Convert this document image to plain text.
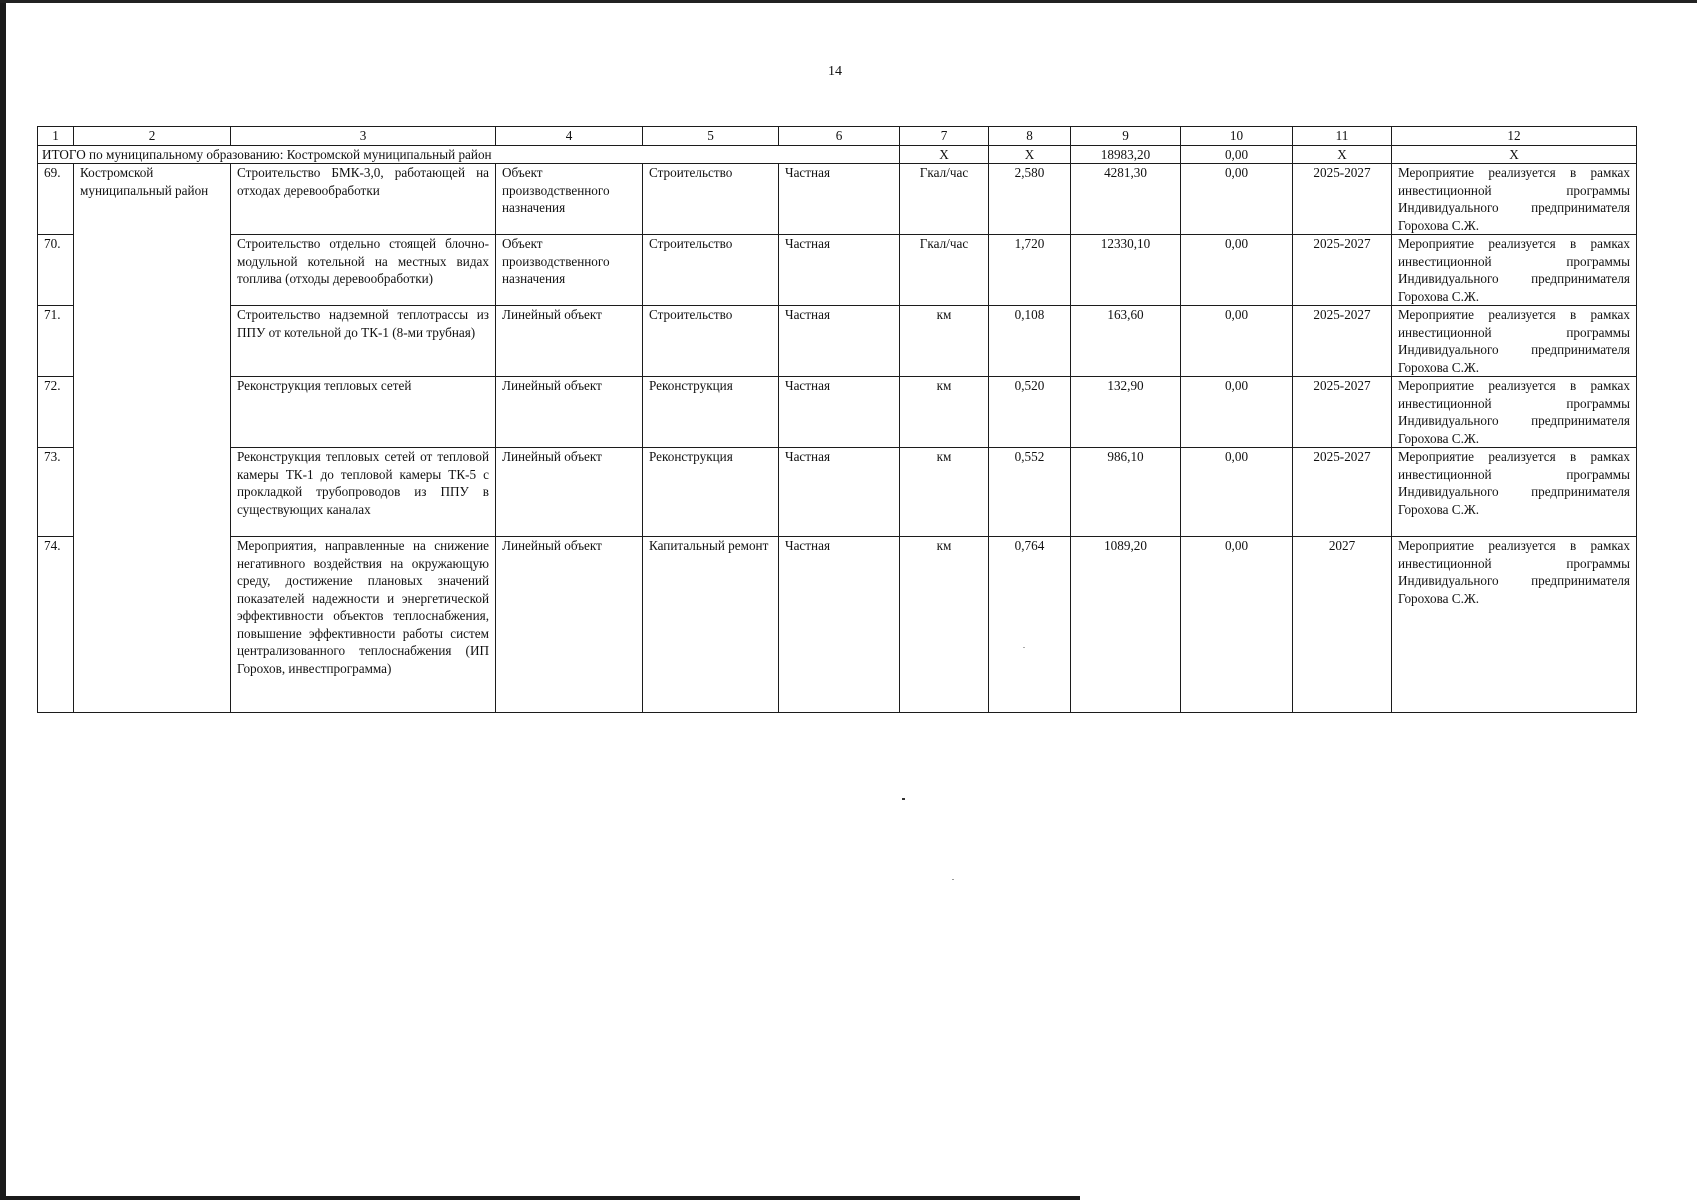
14
1	2	3	4	5	6	7	8	9	10	11	12
ИТОГО по муниципальному образованию: Костромской муниципальный район						Х	Х	18983,20	0,00	Х	Х
69.	Костромской муниципальный район	Строительство БМК-3,0, работающей на отходах деревообработки	Объект производственного назначения	Строительство	Частная	Гкал/час	2,580	4281,30	0,00	2025-2027	Мероприятие реализуется в рамках инвестиционной программы Индивидуального предпринимателя Горохова С.Ж.
70.		Строительство отдельно стоящей блочно-модульной котельной на местных видах топлива (отходы деревообработки)	Объект производственного назначения	Строительство	Частная	Гкал/час	1,720	12330,10	0,00	2025-2027	Мероприятие реализуется в рамках инвестиционной программы Индивидуального предпринимателя Горохова С.Ж.
71.		Строительство надземной теплотрассы из ППУ от котельной до ТК-1 (8-ми трубная)	Линейный объект	Строительство	Частная	км	0,108	163,60	0,00	2025-2027	Мероприятие реализуется в рамках инвестиционной программы Индивидуального предпринимателя Горохова С.Ж.
72.		Реконструкция тепловых сетей	Линейный объект	Реконструкция	Частная	км	0,520	132,90	0,00	2025-2027	Мероприятие реализуется в рамках инвестиционной программы Индивидуального предпринимателя Горохова С.Ж.
73.		Реконструкция тепловых сетей от тепловой камеры ТК-1 до тепловой камеры ТК-5 с прокладкой трубопроводов из ППУ в существующих каналах	Линейный объект	Реконструкция	Частная	км	0,552	986,10	0,00	2025-2027	Мероприятие реализуется в рамках инвестиционной программы Индивидуального предпринимателя Горохова С.Ж.
74.		Мероприятия, направленные на снижение негативного воздействия на окружающую среду, достижение плановых значений показателей надежности и энергетической эффективности объектов теплоснабжения, повышение эффективности работы систем централизованного теплоснабжения (ИП Горохов, инвестпрограмма)	Линейный объект	Капитальный ремонт	Частная	км	0,764	1089,20	0,00	2027	Мероприятие реализуется в рамках инвестиционной программы Индивидуального предпринимателя Горохова С.Ж.
